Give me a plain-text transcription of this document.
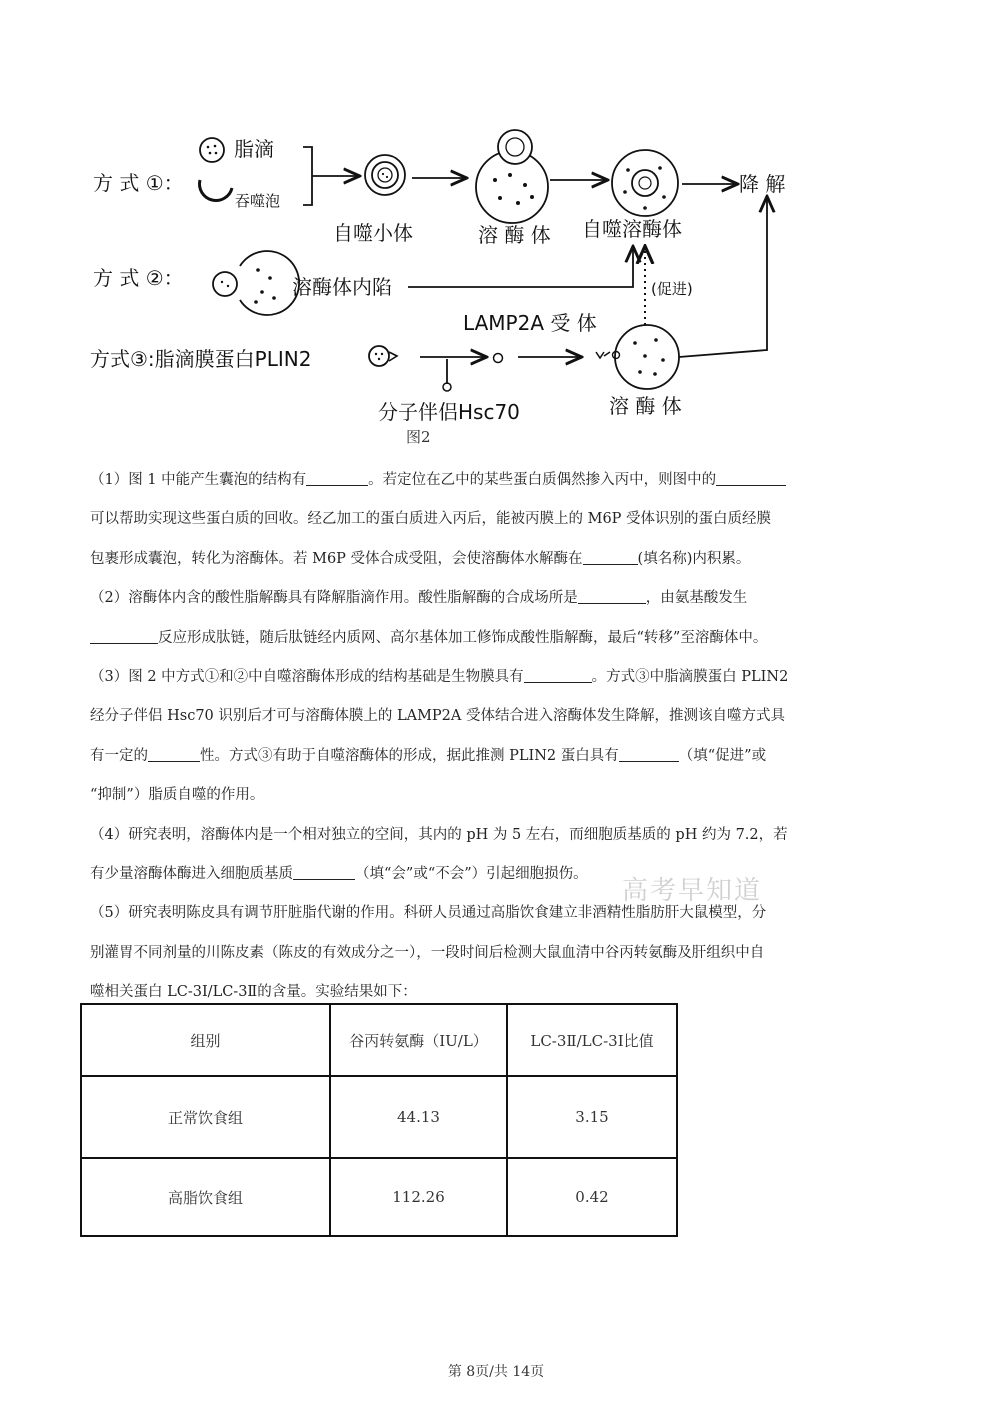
方 式 ①：
脂滴
吞噬泡
自噬小体	溶 酶 体 自噬溶酶体
降 解
方 式 ②：	溶酶体内陷	(促进)
LAMP2A 受 体
方式③:脂滴膜蛋白PLIN2
分子伴侣Hsc70	溶 酶 体
图2

（1）图 1 中能产生囊泡的结构有	。若定位在乙中的某些蛋白质偶然掺入丙中，则图中的

可以帮助实现这些蛋白质的回收。经乙加工的蛋白质进入丙后，能被丙膜上的 M6P 受体识别的蛋白质经膜

包裹形成囊泡，转化为溶酶体。若 M6P 受体合成受阻，会使溶酶体水解酶在	(填名称)内积累。

（2）溶酶体内含的酸性脂解酶具有降解脂滴作用。酸性脂解酶的合成场所是	，由氨基酸发生

反应形成肽链，随后肽链经内质网、高尔基体加工修饰成酸性脂解酶，最后“转移”至溶酶体中。

（3）图 2 中方式①和②中自噬溶酶体形成的结构基础是生物膜具有	。方式③中脂滴膜蛋白 PLIN2

经分子伴侣 Hsc70 识别后才可与溶酶体膜上的 LAMP2A 受体结合进入溶酶体发生降解，推测该自噬方式具

有一定的	性。方式③有助于自噬溶酶体的形成，据此推测 PLIN2 蛋白具有	（填“促进”或

“抑制”）脂质自噬的作用。

（4）研究表明，溶酶体内是一个相对独立的空间，其内的 pH 为 5 左右，而细胞质基质的 pH 约为 7.2，若

有少量溶酶体酶进入细胞质基质	（填“会”或“不会”）引起细胞损伤。

（5）研究表明陈皮具有调节肝脏脂代谢的作用。科研人员通过高脂饮食建立非酒精性脂肪肝大鼠模型，分

别灌胃不同剂量的川陈皮素（陈皮的有效成分之一），一段时间后检测大鼠血清中谷丙转氨酶及肝组织中自

噬相关蛋白 LC-3Ⅰ/LC-3Ⅱ的含量。实验结果如下：

高考早知道
组别	谷丙转氨酶（IU/L）	LC-3Ⅱ/LC-3Ⅰ比值
正常饮食组	44.13	3.15
高脂饮食组	112.26	0.42
第 8页/共 14页
